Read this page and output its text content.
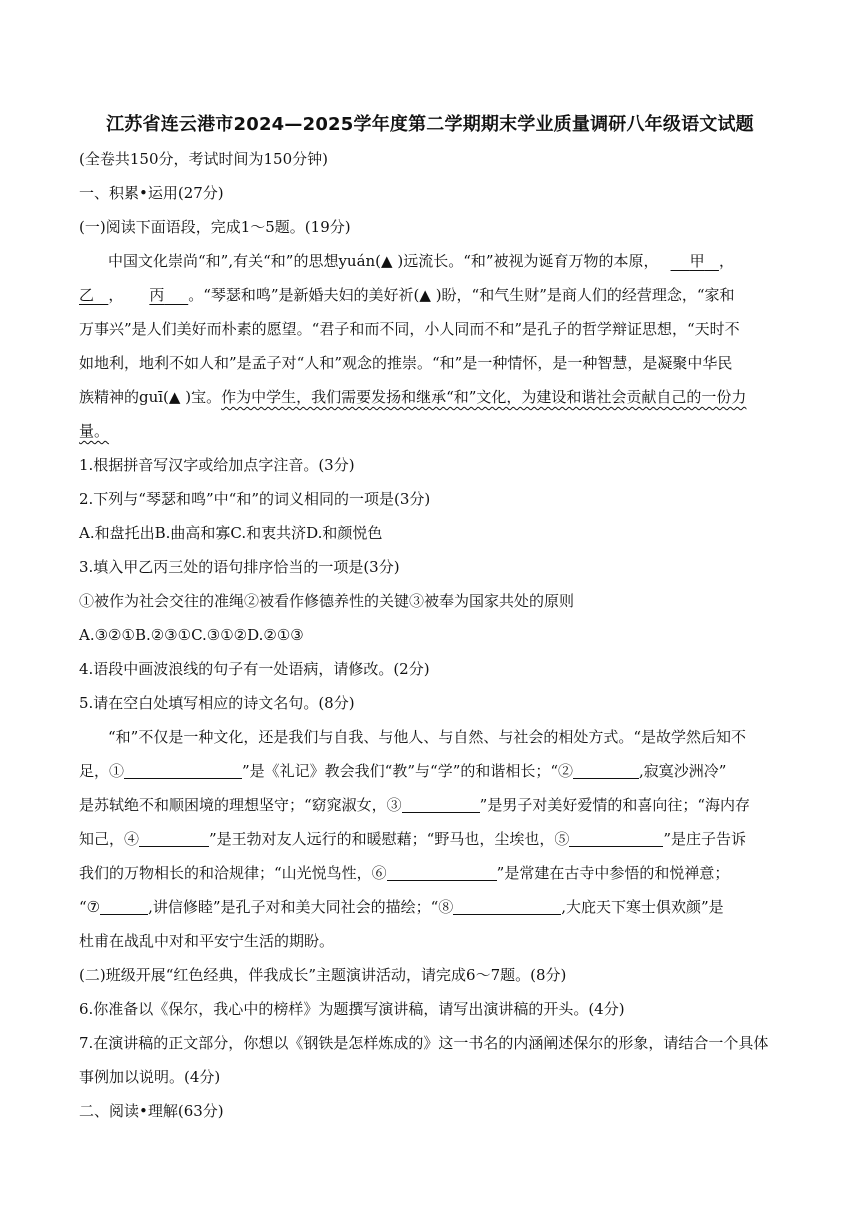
江苏省连云港市2024—2025学年度第二学期期末学业质量调研八年级语文试题
(全卷共150分，考试时间为150分钟)
一、积累•运用(27分)
(一)阅读下面语段，完成1～5题。(19分)
中国文化崇尚“和”,有关“和”的思想yuán(▲ )远流长。“和”被视为诞育万物的本原， 甲 ，
乙 ， 丙 。“琴瑟和鸣”是新婚夫妇的美好祈(▲ )盼，“和气生财”是商人们的经营理念，“家和
万事兴”是人们美好而朴素的愿望。“君子和而不同，小人同而不和”是孔子的哲学辩证思想，“天时不
如地利，地利不如人和”是孟子对“人和”观念的推崇。“和”是一种情怀，是一种智慧，是凝聚中华民
族精神的guī(▲ )宝。作为中学生，我们需要发扬和继承“和”文化，为建设和谐社会贡献自己的一份力
量。
1.根据拼音写汉字或给加点字注音。(3分)
2.下列与“琴瑟和鸣”中“和”的词义相同的一项是(3分)
A.和盘托出B.曲高和寡C.和衷共济D.和颜悦色
3.填入甲乙丙三处的语句排序恰当的一项是(3分)
①被作为社会交往的准绳②被看作修德养性的关键③被奉为国家共处的原则
A.③②①B.②③①C.③①②D.②①③
4.语段中画波浪线的句子有一处语病，请修改。(2分)
5.请在空白处填写相应的诗文名句。(8分)
“和”不仅是一种文化，还是我们与自我、与他人、与自然、与社会的相处方式。“是故学然后知不
足，①	”是《礼记》教会我们“教”与“学”的和谐相长；“②	,寂寞沙洲冷”
是苏轼绝不和顺困境的理想坚守；“窈窕淑女，③	”是男子对美好爱情的和喜向往；“海内存
知己，④	”是王勃对友人远行的和暖慰藉；“野马也，尘埃也，⑤	”是庄子告诉
我们的万物相长的和洽规律；“山光悦鸟性，⑥	”是常建在古寺中参悟的和悦禅意；
“⑦	,讲信修睦”是孔子对和美大同社会的描绘；“⑧	,大庇天下寒士俱欢颜”是
杜甫在战乱中对和平安宁生活的期盼。
(二)班级开展“红色经典，伴我成长”主题演讲活动，请完成6～7题。(8分)
6.你准备以《保尔，我心中的榜样》为题撰写演讲稿，请写出演讲稿的开头。(4分)
7.在演讲稿的正文部分，你想以《钢铁是怎样炼成的》这一书名的内涵阐述保尔的形象，请结合一个具体
事例加以说明。(4分)
二、阅读•理解(63分)
